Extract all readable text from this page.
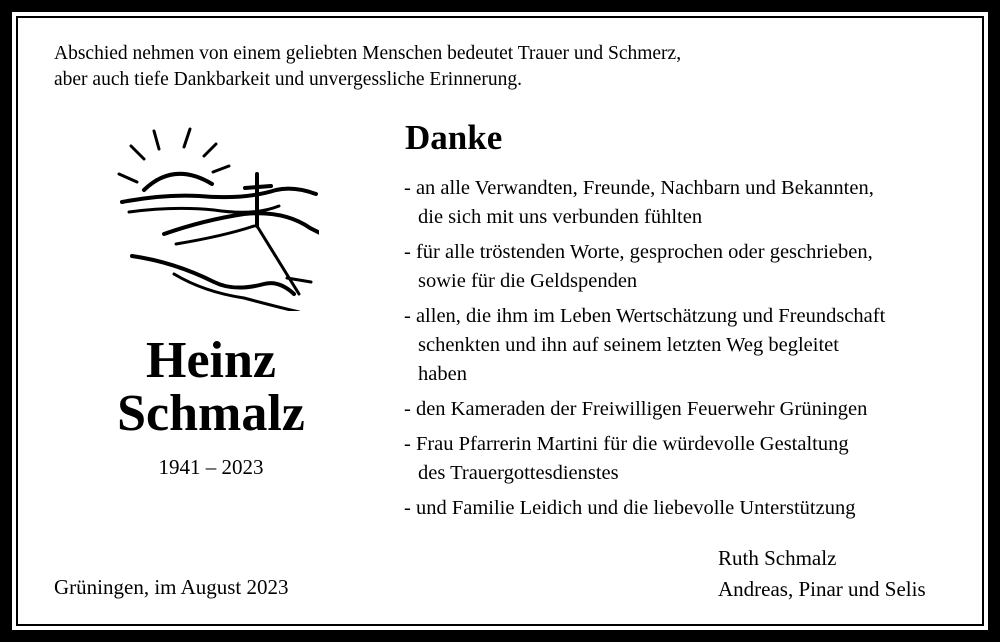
Abschied nehmen von einem geliebten Menschen bedeutet Trauer und Schmerz,
aber auch tiefe Dankbarkeit und unvergessliche Erinnerung.
Heinz
Schmalz
1941 – 2023
Grüningen, im August 2023
Danke
- an alle Verwandten, Freunde, Nachbarn und Bekannten,
die sich mit uns verbunden fühlten
- für alle tröstenden Worte, gesprochen oder geschrieben,
sowie für die Geldspenden
- allen, die ihm im Leben Wertschätzung und Freundschaft
schenkten und ihn auf seinem letzten Weg begleitet
haben
- den Kameraden der Freiwilligen Feuerwehr Grüningen
- Frau Pfarrerin Martini für die würdevolle Gestaltung
des Trauergottesdienstes
- und Familie Leidich und die liebevolle Unterstützung
Ruth Schmalz
Andreas, Pinar und Selis
